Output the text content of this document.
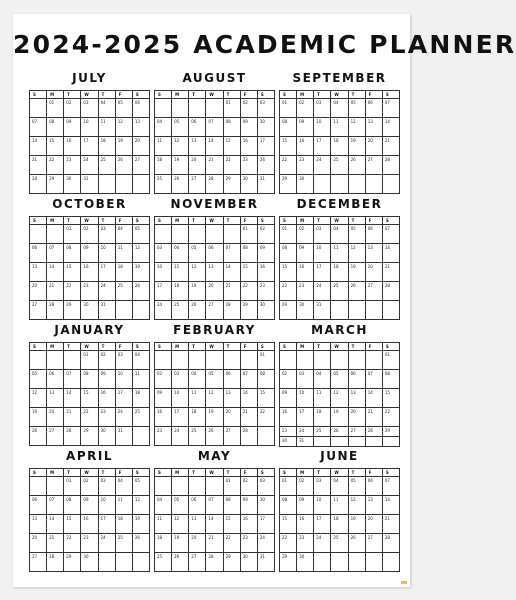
2024-2025 ACADEMIC PLANNER
JULY
S	M	T	W	T	F	S
	01	02	03	04	05	06
07	08	09	10	11	12	13
14	15	16	17	18	19	20
21	22	23	24	25	26	27
28	29	30	31			
AUGUST
S	M	T	W	T	F	S
				01	02	03
04	05	06	07	08	09	10
11	12	13	14	15	16	17
18	19	20	21	22	23	24
25	26	27	28	29	30	31
SEPTEMBER
S	M	T	W	T	F	S
01	02	03	04	05	06	07
08	09	10	11	12	13	14
15	16	17	18	19	20	21
22	23	24	25	26	27	28
29	30					
OCTOBER
S	M	T	W	T	F	S
		01	02	03	04	05
06	07	08	09	10	11	12
13	14	15	16	17	18	19
20	21	22	23	24	25	26
27	28	29	30	31		
NOVEMBER
S	M	T	W	T	F	S
					01	02
03	04	05	06	07	08	09
10	11	12	13	14	15	16
17	18	19	20	21	22	23
24	25	26	27	28	29	30
DECEMBER
S	M	T	W	T	F	S
01	02	03	04	05	06	07
08	09	10	11	12	13	14
15	16	17	18	19	20	21
22	23	24	25	26	27	28
29	30	31				
JANUARY
S	M	T	W	T	F	S
			01	02	03	04
05	06	07	08	09	10	11
12	13	14	15	16	17	18
19	20	21	22	23	24	25
26	27	28	29	30	31	
FEBRUARY
S	M	T	W	T	F	S
						01
02	03	04	05	06	07	08
09	10	11	12	13	14	15
16	17	18	19	20	21	22
23	24	25	26	27	28	
MARCH
S	M	T	W	T	F	S
						01
02	03	04	05	06	07	08
09	10	11	12	13	14	15
16	17	18	19	20	21	22
23	24	25	26	27	28	29
30	31					
APRIL
S	M	T	W	T	F	S
		01	02	03	04	05
06	07	08	09	10	11	12
13	14	15	16	17	18	19
20	21	22	23	24	25	26
27	28	29	30			
MAY
S	M	T	W	T	F	S
				01	02	03
04	05	06	07	08	09	10
11	12	13	14	15	16	17
18	19	20	21	22	23	24
25	26	27	28	29	30	31
JUNE
S	M	T	W	T	F	S
01	02	03	04	05	06	07
08	09	10	11	12	13	14
15	16	17	18	19	20	21
22	23	24	25	26	27	28
29	30					
